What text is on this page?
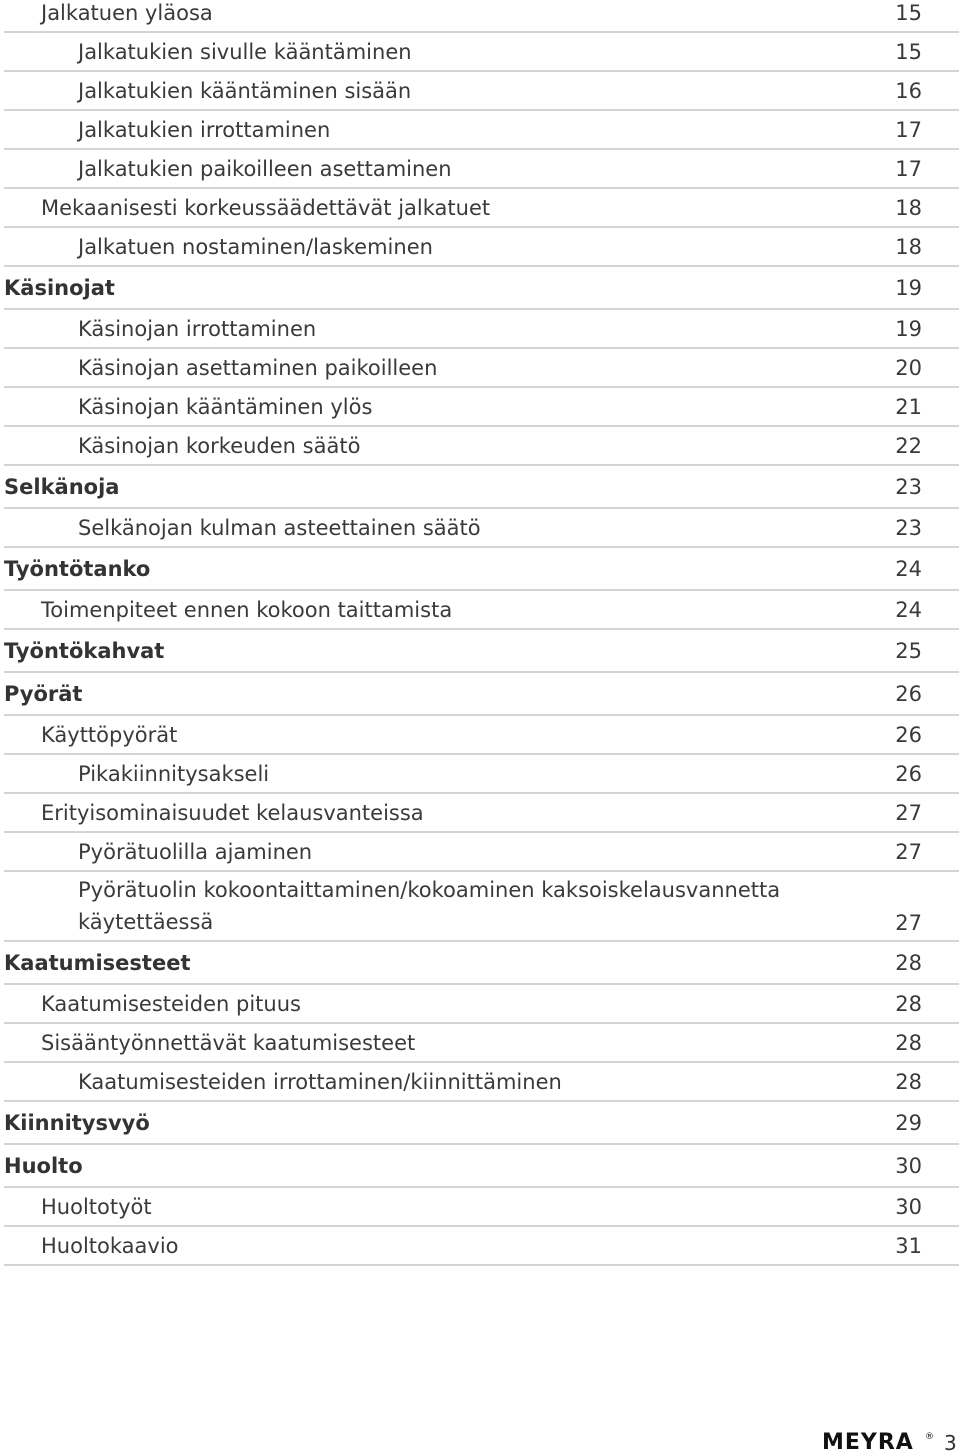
Jalkatuen yläosa	15
Jalkatukien sivulle kääntäminen	15
Jalkatukien kääntäminen sisään	16
Jalkatukien irrottaminen	17
Jalkatukien paikoilleen asettaminen	17
Mekaanisesti korkeussäädettävät jalkatuet	18
Jalkatuen nostaminen/laskeminen	18
Käsinojat	19
Käsinojan irrottaminen	19
Käsinojan asettaminen paikoilleen	20
Käsinojan kääntäminen ylös	21
Käsinojan korkeuden säätö	22
Selkänoja	23
Selkänojan kulman asteettainen säätö	23
Työntötanko	24
Toimenpiteet ennen kokoon taittamista	24
Työntökahvat	25
Pyörät	26
Käyttöpyörät	26
Pikakiinnitysakseli	26
Erityisominaisuudet kelausvanteissa	27
Pyörätuolilla ajaminen	27
Pyörätuolin kokoontaittaminen/kokoaminen kaksoiskelausvannetta käytettäessä	27
Kaatumisesteet	28
Kaatumisesteiden pituus	28
Sisääntyönnettävät kaatumisesteet	28
Kaatumisesteiden irrottaminen/kiinnittäminen	28
Kiinnitysvyö	29
Huolto	30
Huoltotyöt	30
Huoltokaavio	31
MEYRA ® 3
